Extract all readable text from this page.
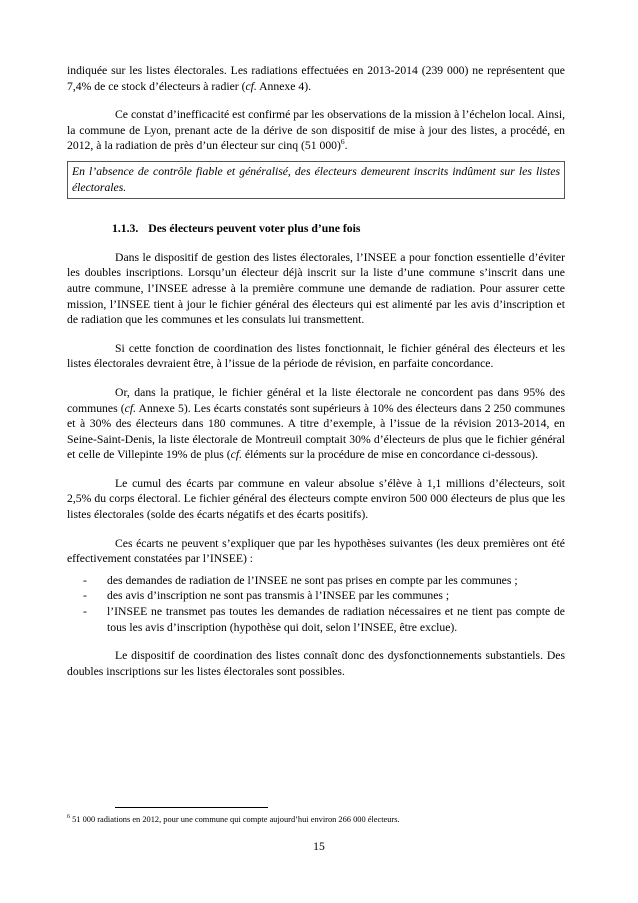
indiquée sur les listes électorales. Les radiations effectuées en 2013-2014 (239 000) ne représentent que 7,4% de ce stock d’électeurs à radier (cf. Annexe 4).

Ce constat d’inefficacité est confirmé par les observations de la mission à l’échelon local. Ainsi, la commune de Lyon, prenant acte de la dérive de son dispositif de mise à jour des listes, a procédé, en 2012, à la radiation de près d’un électeur sur cinq (51 000)$^6$.

En l’absence de contrôle fiable et généralisé, des électeurs demeurent inscrits indûment sur les listes électorales.
1.1.3. Des électeurs peuvent voter plus d’une fois

Dans le dispositif de gestion des listes électorales, l’INSEE a pour fonction essentielle d’éviter les doubles inscriptions. Lorsqu’un électeur déjà inscrit sur la liste d’une commune s’inscrit dans une autre commune, l’INSEE adresse à la première commune une demande de radiation. Pour assurer cette mission, l’INSEE tient à jour le fichier général des électeurs qui est alimenté par les avis d’inscription et de radiation que les communes et les consulats lui transmettent.

Si cette fonction de coordination des listes fonctionnait, le fichier général des électeurs et les listes électorales devraient être, à l’issue de la période de révision, en parfaite concordance.

Or, dans la pratique, le fichier général et la liste électorale ne concordent pas dans 95% des communes (cf. Annexe 5). Les écarts constatés sont supérieurs à 10% des électeurs dans 2 250 communes et à 30% des électeurs dans 180 communes. A titre d’exemple, à l’issue de la révision 2013-2014, en Seine-Saint-Denis, la liste électorale de Montreuil comptait 30% d’électeurs de plus que le fichier général et celle de Villepinte 19% de plus (cf. éléments sur la procédure de mise en concordance ci-dessous).

Le cumul des écarts par commune en valeur absolue s’élève à 1,1 millions d’électeurs, soit 2,5% du corps électoral. Le fichier général des électeurs compte environ 500 000 électeurs de plus que les listes électorales (solde des écarts négatifs et des écarts positifs).

Ces écarts ne peuvent s’expliquer que par les hypothèses suivantes (les deux premières ont été effectivement constatées par l’INSEE) :

- des demandes de radiation de l’INSEE ne sont pas prises en compte par les communes ;
- des avis d’inscription ne sont pas transmis à l’INSEE par les communes ;
- l’INSEE ne transmet pas toutes les demandes de radiation nécessaires et ne tient pas compte de tous les avis d’inscription (hypothèse qui doit, selon l’INSEE, être exclue).

Le dispositif de coordination des listes connaît donc des dysfonctionnements substantiels. Des doubles inscriptions sur les listes électorales sont possibles.

$^6$ 51 000 radiations en 2012, pour une commune qui compte aujourd’hui environ 266 000 électeurs.
15
